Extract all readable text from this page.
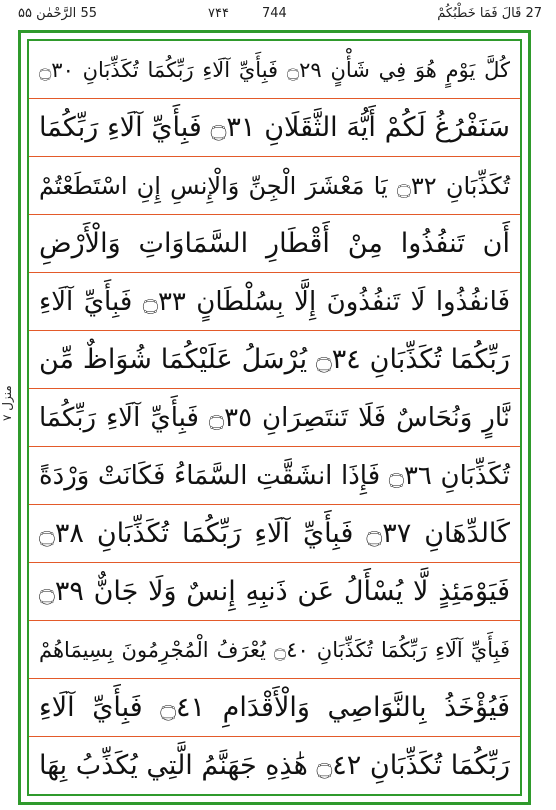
27 قَالَ فَمَا خَطْبُكُمْ
۷۴۴	744
55 الرَّحْمٰن ۵۵
منزل ۷
كُلَّ يَوْمٍ هُوَ فِي شَأْنٍ ۝٢٩ فَبِأَيِّ آلَاءِ رَبِّكُمَا تُكَذِّبَانِ ۝٣٠
سَنَفْرُغُ لَكُمْ أَيُّهَ الثَّقَلَانِ ۝٣١ فَبِأَيِّ آلَاءِ رَبِّكُمَا
تُكَذِّبَانِ ۝٣٢ يَا مَعْشَرَ الْجِنِّ وَالْإِنسِ إِنِ اسْتَطَعْتُمْ
أَن تَنفُذُوا مِنْ أَقْطَارِ السَّمَاوَاتِ وَالْأَرْضِ
فَانفُذُوا لَا تَنفُذُونَ إِلَّا بِسُلْطَانٍ ۝٣٣ فَبِأَيِّ آلَاءِ
رَبِّكُمَا تُكَذِّبَانِ ۝٣٤ يُرْسَلُ عَلَيْكُمَا شُوَاظٌ مِّن
نَّارٍ وَنُحَاسٌ فَلَا تَنتَصِرَانِ ۝٣٥ فَبِأَيِّ آلَاءِ رَبِّكُمَا
تُكَذِّبَانِ ۝٣٦ فَإِذَا انشَقَّتِ السَّمَاءُ فَكَانَتْ وَرْدَةً
كَالدِّهَانِ ۝٣٧ فَبِأَيِّ آلَاءِ رَبِّكُمَا تُكَذِّبَانِ ۝٣٨
فَيَوْمَئِذٍ لَّا يُسْأَلُ عَن ذَنبِهِ إِنسٌ وَلَا جَانٌّ ۝٣٩
فَبِأَيِّ آلَاءِ رَبِّكُمَا تُكَذِّبَانِ ۝٤٠ يُعْرَفُ الْمُجْرِمُونَ بِسِيمَاهُمْ
فَيُؤْخَذُ بِالنَّوَاصِي وَالْأَقْدَامِ ۝٤١ فَبِأَيِّ آلَاءِ
رَبِّكُمَا تُكَذِّبَانِ ۝٤٢ هَٰذِهِ جَهَنَّمُ الَّتِي يُكَذِّبُ بِهَا
